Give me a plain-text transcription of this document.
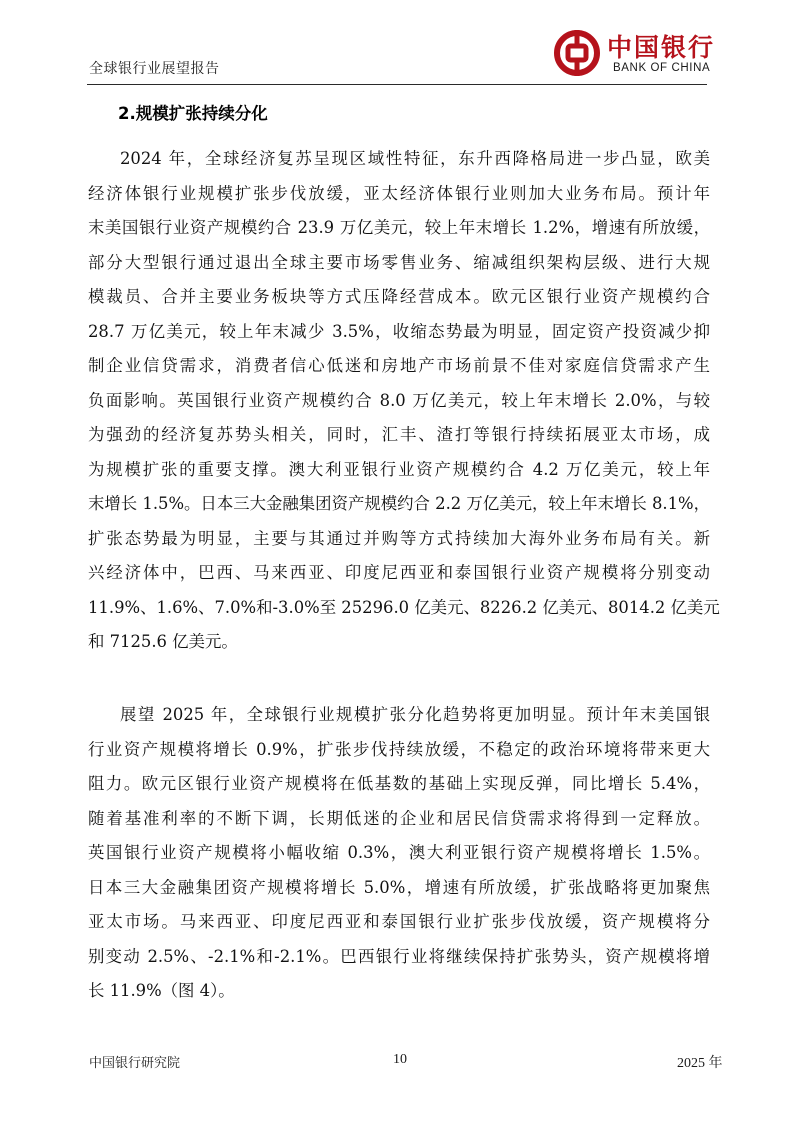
全球银行业展望报告
中国银行
BANK OF CHINA
2.规模扩张持续分化
2024 年，全球经济复苏呈现区域性特征，东升西降格局进一步凸显，欧美
经济体银行业规模扩张步伐放缓，亚太经济体银行业则加大业务布局。预计年
末美国银行业资产规模约合 23.9 万亿美元，较上年末增长 1.2%，增速有所放缓，
部分大型银行通过退出全球主要市场零售业务、缩减组织架构层级、进行大规
模裁员、合并主要业务板块等方式压降经营成本。欧元区银行业资产规模约合
28.7 万亿美元，较上年末减少 3.5%，收缩态势最为明显，固定资产投资减少抑
制企业信贷需求，消费者信心低迷和房地产市场前景不佳对家庭信贷需求产生
负面影响。英国银行业资产规模约合 8.0 万亿美元，较上年末增长 2.0%，与较
为强劲的经济复苏势头相关，同时，汇丰、渣打等银行持续拓展亚太市场，成
为规模扩张的重要支撑。澳大利亚银行业资产规模约合 4.2 万亿美元，较上年
末增长 1.5%。日本三大金融集团资产规模约合 2.2 万亿美元，较上年末增长 8.1%，
扩张态势最为明显，主要与其通过并购等方式持续加大海外业务布局有关。新
兴经济体中，巴西、马来西亚、印度尼西亚和泰国银行业资产规模将分别变动
11.9%、1.6%、7.0%和-3.0%至 25296.0 亿美元、8226.2 亿美元、8014.2 亿美元
和 7125.6 亿美元。
展望 2025 年，全球银行业规模扩张分化趋势将更加明显。预计年末美国银
行业资产规模将增长 0.9%，扩张步伐持续放缓，不稳定的政治环境将带来更大
阻力。欧元区银行业资产规模将在低基数的基础上实现反弹，同比增长 5.4%，
随着基准利率的不断下调，长期低迷的企业和居民信贷需求将得到一定释放。
英国银行业资产规模将小幅收缩 0.3%，澳大利亚银行资产规模将增长 1.5%。
日本三大金融集团资产规模将增长 5.0%，增速有所放缓，扩张战略将更加聚焦
亚太市场。马来西亚、印度尼西亚和泰国银行业扩张步伐放缓，资产规模将分
别变动 2.5%、-2.1%和-2.1%。巴西银行业将继续保持扩张势头，资产规模将增
长 11.9%（图 4）。
中国银行研究院	10	2025 年
